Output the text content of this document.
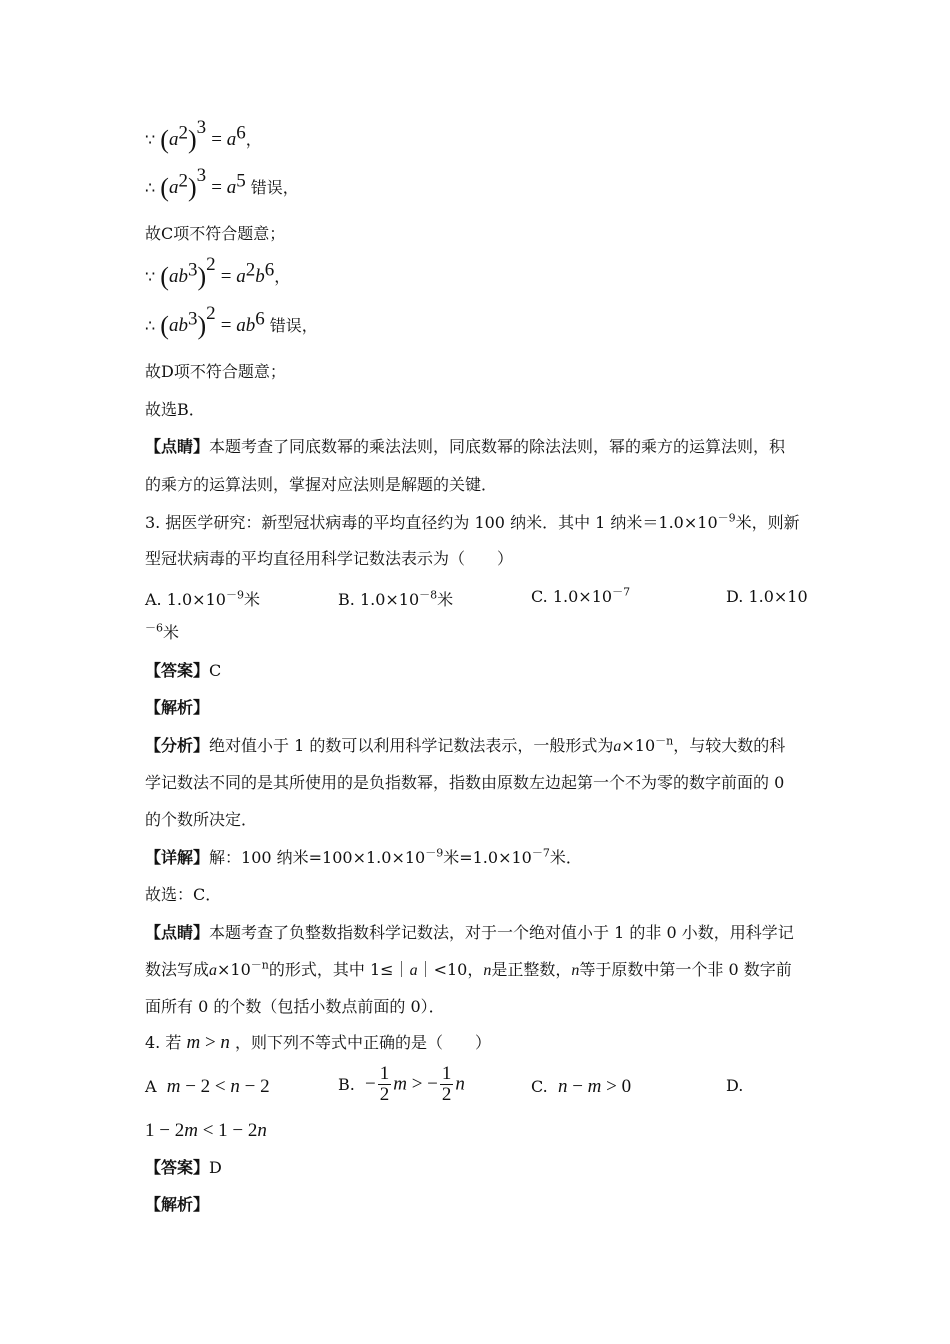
∵ $(a^2)^3 = a^6$，
∴ $(a^2)^3 = a^5$ 错误，
故C项不符合题意；
∵ $(ab^3)^2 = a^2b^6$，
∴ $(ab^3)^2 = ab^6$ 错误，
故D项不符合题意；
故选B．
【点睛】本题考查了同底数幂的乘法法则，同底数幂的除法法则，幂的乘方的运算法则，积
的乘方的运算法则，掌握对应法则是解题的关键．
3. 据医学研究：新型冠状病毒的平均直径约为 100 纳米．其中 1 纳米$=1.0\times 10^{-9}$米，则新
型冠状病毒的平均直径用科学记数法表示为（　　）
A. $1.0\times 10^{-9}$米	B. $1.0\times 10^{-8}$米	C. $1.0\times 10^{-7}$	D. 1.0×10
$^{-6}$米
【答案】C
【解析】
【分析】绝对值小于 1 的数可以利用科学记数法表示，一般形式为$a\times 10^{-n}$，与较大数的科
学记数法不同的是其所使用的是负指数幂，指数由原数左边起第一个不为零的数字前面的 0
的个数所决定．
【详解】解：100 纳米$=100\times 1.0\times 10^{-9}$米$=1.0\times 10^{-7}$米．
故选：C．
【点睛】本题考查了负整数指数科学记数法，对于一个绝对值小于 1 的非 0 小数，用科学记
数法写成$a\times 10^{-n}$的形式，其中 1≤｜a｜<10，n是正整数，n等于原数中第一个非 0 数字前
面所有 0 的个数（包括小数点前面的 0）．
4. 若 m > n ，则下列不等式中正确的是（　　）
A m − 2 < n − 2	B. − $\frac{1}{2}$ m > − $\frac{1}{2}$ n	C. n − m > 0	D.
1 − 2m < 1 − 2n
【答案】D
【解析】
